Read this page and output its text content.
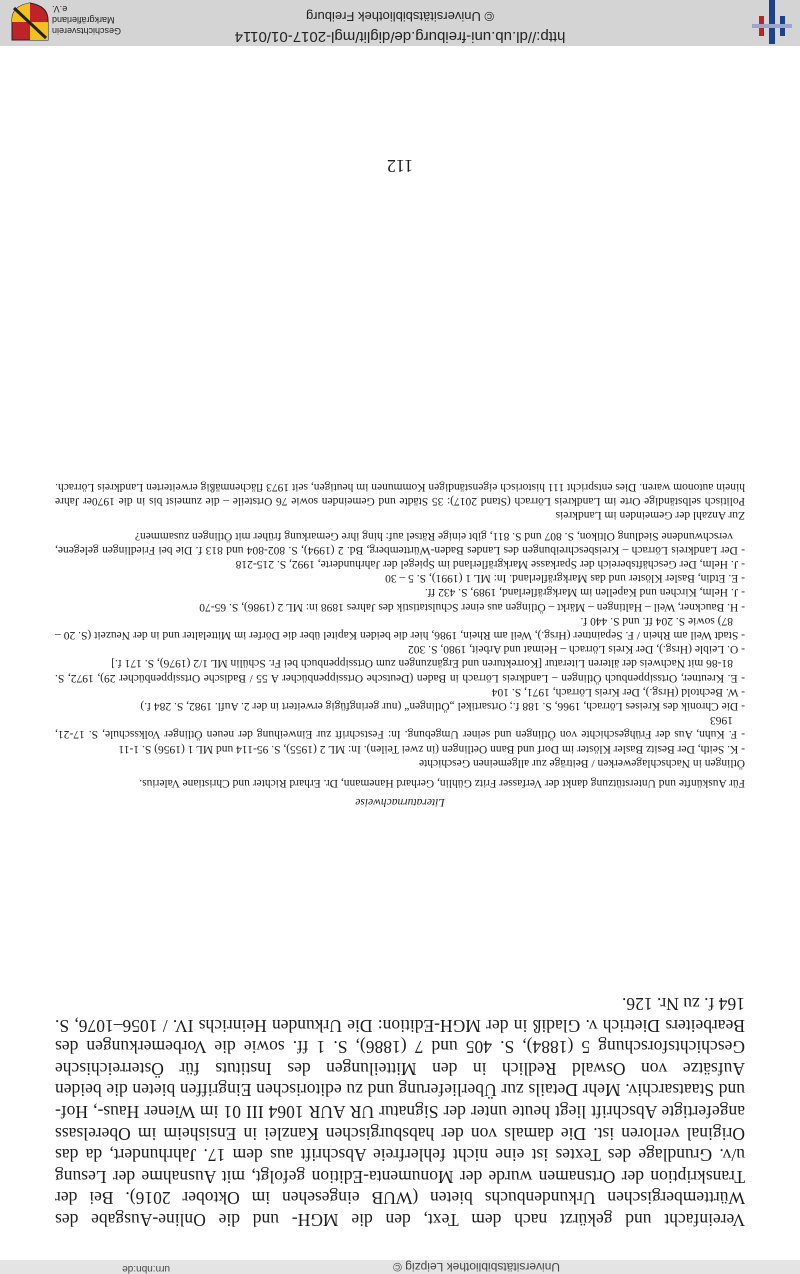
Universitätsbibliothek Leipzig ©
urn:nbn:de
Vereinfacht und gekürzt nach dem Text, den die MGH- und die Online-Ausgabe des Württembergischen Urkundenbuchs bieten (WUB eingesehen im Oktober 2016). Bei der Transkription der Ortsnamen wurde der Monumenta-Edition gefolgt, mit Ausnahme der Lesung u/v. Grundlage des Textes ist eine nicht fehlerfreie Abschrift aus dem 17. Jahrhundert, da das Original verloren ist. Die damals von der habsburgischen Kanzlei in Ensisheim im Oberelsass angefertigte Abschrift liegt heute unter der Signatur UR AUR 1064 III 01 im Wiener Haus-, Hof- und Staatsarchiv. Mehr Details zur Überlieferung und zu editorischen Eingriffen bieten die beiden Aufsätze von Oswald Redlich in den Mitteilungen des Instituts für Österreichische Geschichtsforschung 5 (1884), S. 405 und 7 (1886), S. 1 ff. sowie die Vorbemerkungen des Bearbeiters Dietrich v. Gladiß in der MGH-Edition: Die Urkunden Heinrichs IV. / 1056–1076, S. 164 f. zu Nr. 126.
Literaturnachweise

Für Auskünfte und Unterstützung dankt der Verfasser Fritz Gühlin, Gerhard Hanemann, Dr. Erhard Richter und Christiane Valerius.

Ötlingen in Nachschlagewerken / Beiträge zur allgemeinen Geschichte

- K. Seith, Der Besitz Basler Klöster im Dorf und Bann Oetlingen (in zwei Teilen). In: ML 2 (1955), S. 95-114 und ML 1 (1956) S. 1-11
- F. Kuhn, Aus der Frühgeschichte von Ötlingen und seiner Umgebung. In: Festschrift zur Einweihung der neuen Ötlinger Volksschule, S. 17-21, 1963
- Die Chronik des Kreises Lörrach, 1966, S. 188 f.; Ortsartikel „Ötlingen“ (nur geringfügig erweitert in der 2. Aufl. 1982, S. 284 f.)
- W. Bechtold (Hrsg.), Der Kreis Lörrach, 1971, S. 104
- E. Kreutner, Ortssippenbuch Ötlingen – Landkreis Lörrach in Baden (Deutsche Ortssippenbücher A 55 / Badische Ortssippenbücher 29), 1972, S. 81-86 mit Nachweis der älteren Literatur [Korrekturen und Ergänzungen zum Ortssippenbuch bei Fr. Schülin ML 1/2 (1976), S. 171 f.]
- O. Leible (Hrsg.), Der Kreis Lörrach – Heimat und Arbeit, 1980, S. 302
- Stadt Weil am Rhein / F. Sepaintner (Hrsg.), Weil am Rhein, 1986, hier die beiden Kapitel über die Dörfer im Mittelalter und in der Neuzeit (S. 20 – 87) sowie S. 204 ff. und S. 440 f.
- H. Bauckner, Weil – Haltingen – Märkt – Ötlingen aus einer Schulstatistik des Jahres 1898 in: ML 2 (1986), S. 65-70
- J. Helm, Kirchen und Kapellen im Markgräflerland, 1989, S. 432 ff.
- E. Etdin, Basler Klöster und das Markgräflerland. In: ML 1 (1991), S. 5 – 30
- J. Helm, Der Geschäftsbereich der Sparkasse Markgräflerland im Spiegel der Jahrhunderte, 1992, S. 215-218
- Der Landkreis Lörrach – Kreisbeschreibungen des Landes Baden-Württemberg, Bd. 2 (1994), S. 802-804 und 813 f. Die bei Friedlingen gelegene, verschwundene Siedlung Oltikon, S. 807 und S. 811, gibt einige Rätsel auf: hing ihre Gemarkung früher mit Ötlingen zusammen?

Zur Anzahl der Gemeinden im Landkreis

Politisch selbständige Orte im Landkreis Lörrach (Stand 2017): 35 Städte und Gemeinden sowie 76 Ortsteile – die zumeist bis in die 1970er Jahre hinein autonom waren. Dies entspricht 111 historisch eigenständigen Kommunen im heutigen, seit 1973 flächenmäßig erweiterten Landkreis Lörrach.

112
http://dl.ub.uni-freiburg.de/diglit/mgl-2017-01/0114
© Universitätsbibliothek Freiburg
Geschichtsverein
Markgräflerland e.V.
